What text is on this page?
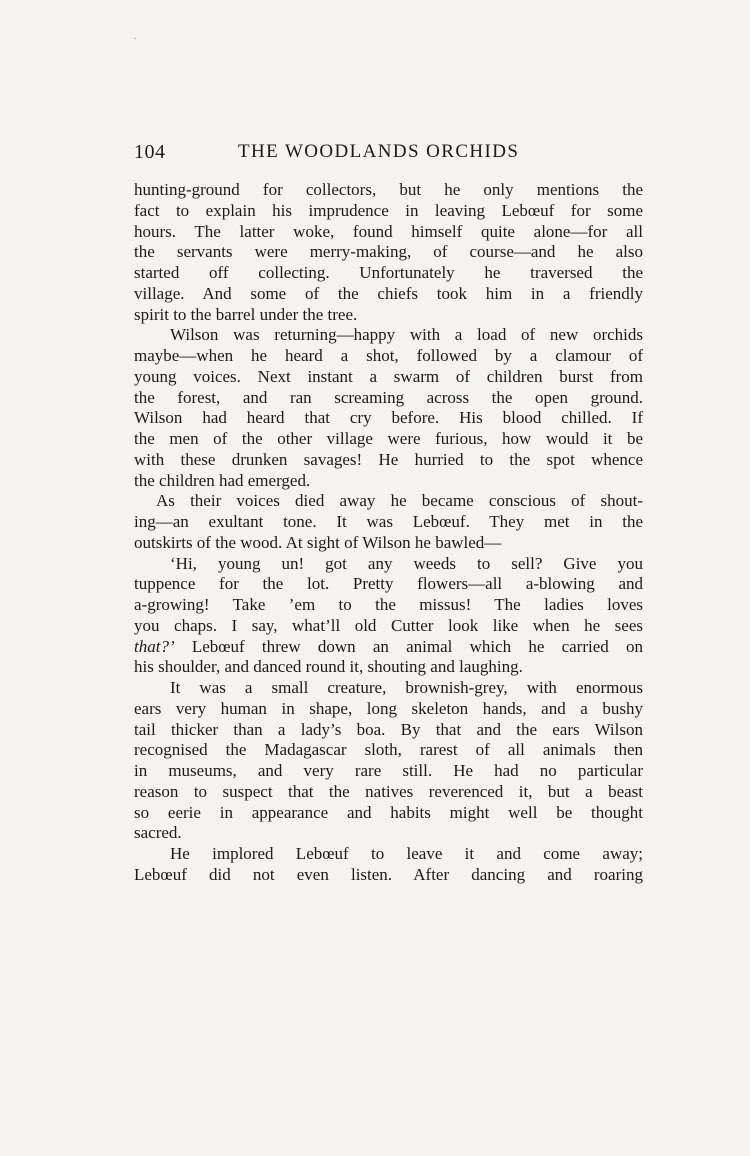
104	THE WOODLANDS ORCHIDS
hunting-ground for collectors, but he only mentions the
fact to explain his imprudence in leaving Lebœuf for some
hours. The latter woke, found himself quite alone—for all
the servants were merry-making, of course—and he also
started off collecting. Unfortunately he traversed the
village. And some of the chiefs took him in a friendly
spirit to the barrel under the tree.
Wilson was returning—happy with a load of new orchids
maybe—when he heard a shot, followed by a clamour of
young voices. Next instant a swarm of children burst from
the forest, and ran screaming across the open ground.
Wilson had heard that cry before. His blood chilled. If
the men of the other village were furious, how would it be
with these drunken savages! He hurried to the spot whence
the children had emerged.
As their voices died away he became conscious of shout-
ing—an exultant tone. It was Lebœuf. They met in the
outskirts of the wood. At sight of Wilson he bawled—
‘Hi, young un! got any weeds to sell? Give you
tuppence for the lot. Pretty flowers—all a-blowing and
a-growing! Take ’em to the missus! The ladies loves
you chaps. I say, what’ll old Cutter look like when he sees
that?’ Lebœuf threw down an animal which he carried on
his shoulder, and danced round it, shouting and laughing.
It was a small creature, brownish-grey, with enormous
ears very human in shape, long skeleton hands, and a bushy
tail thicker than a lady’s boa. By that and the ears Wilson
recognised the Madagascar sloth, rarest of all animals then
in museums, and very rare still. He had no particular
reason to suspect that the natives reverenced it, but a beast
so eerie in appearance and habits might well be thought
sacred.
He implored Lebœuf to leave it and come away;
Lebœuf did not even listen. After dancing and roaring
